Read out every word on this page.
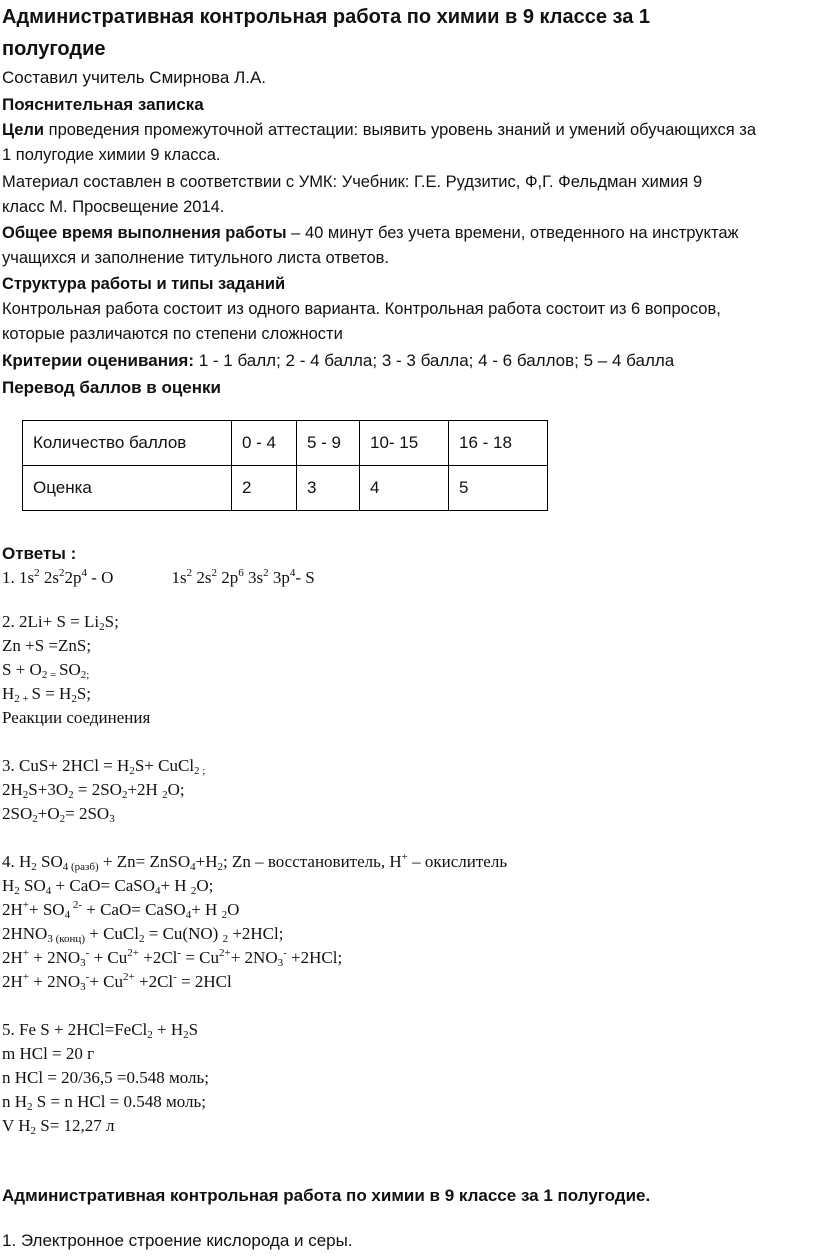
Административная контрольная работа по химии в 9 классе за 1
полугодие
Составил учитель Смирнова Л.А.
Пояснительная записка
Цели проведения промежуточной аттестации: выявить уровень знаний и умений обучающихся за
1 полугодие химии 9 класса.
Материал составлен в соответствии с УМК: Учебник: Г.Е. Рудзитис, Ф,Г. Фельдман химия 9
класс М. Просвещение 2014.
Общее время выполнения работы – 40 минут без учета времени, отведенного на инструктаж
учащихся и заполнение титульного листа ответов.
Структура работы и типы заданий
Контрольная работа состоит из одного варианта. Контрольная работа состоит из 6 вопросов,
которые различаются по степени сложности
Критерии оценивания: 1 - 1 балл; 2 - 4 балла; 3 - 3 балла; 4 - 6 баллов; 5 – 4 балла
Перевод баллов в оценки
Количество баллов	0 - 4	5 - 9	10- 15	16 - 18
Оценка	2	3	4	5
Ответы :
1. $1s^2$ $2s^22p^4$ - O	$1s^2$ $2s^2$ $2p^6$ $3s^2$ $3p^4-$ S
2. $2Li+ S = Li_2S$;
Zn +S =ZnS;
$S + O_2$ $_=$ $SO_{2;}$
$H_2$ $_+$ $S = H_2S$;
Реакции соединения
3. $CuS+ 2HCl = H_2S+$ CuCl$_2$ $_;$
$2H_2S+3O_2 = 2SO_2+2H$ $_2$O;
$2SO_2+O_2= 2SO_3$
4. $H_2$ $SO_{4 (разб)} + Zn=$ $ZnSO_4+H_2$; Zn – восстановитель, H+ – окислитель
$H_2$ $SO_4 + CaO=$ CaSO$_4$+ H $_2$O;
$2H^++ SO_4$ $^{2-}$ + CaO= CaSO$_4$+ H $_2$O
$2HNO_{3 (конц)}$ + CuCl$_2$ = Cu(NO) $_2$ +2HCl;
$2H^+ + 2NO_3^- + Cu^{2+} +2Cl^- = Cu^{2+}+ 2NO_3^- +2HCl$;
$2H^+ + 2NO_3^-+ Cu^{2+} +2Cl^- = 2HCl$
5. Fe S + 2HCl=FeCl$_2$ + $H_2S$
m HCl = 20 г
n HCl = 20/36,5 =0.548 моль;
n $H_2$ S = n HCl = 0.548 моль;
V $H_2$ S= 12,27 л
Административная контрольная работа по химии в 9 классе за 1 полугодие.
1. Электронное строение кислорода и серы.
